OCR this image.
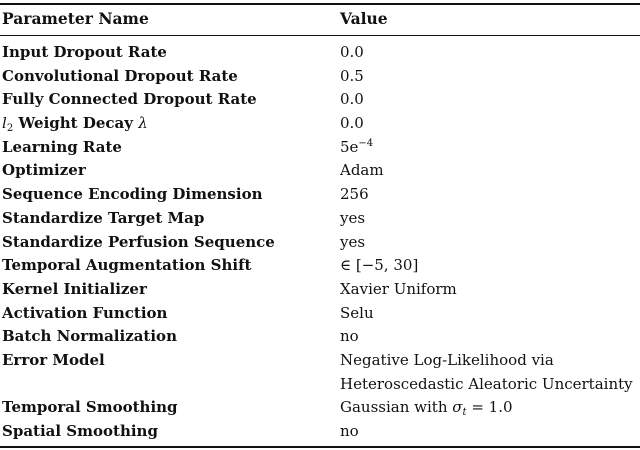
Parameter Name	Value
Input Dropout Rate	0.0
Convolutional Dropout Rate	0.5
Fully Connected Dropout Rate	0.0
$l_2$ Weight Decay λ	0.0
Learning Rate	$5e^{-4}$
Optimizer	Adam
Sequence Encoding Dimension	256
Standardize Target Map	yes
Standardize Perfusion Sequence	yes
Temporal Augmentation Shift	∈ [−5, 30]
Kernel Initializer	Xavier Uniform
Activation Function	Selu
Batch Normalization	no
Error Model	Negative Log-Likelihood via
Heteroscedastic Aleatoric Uncertainty
Temporal Smoothing	Gaussian with $\sigma_t = 1.0$
Spatial Smoothing	no
